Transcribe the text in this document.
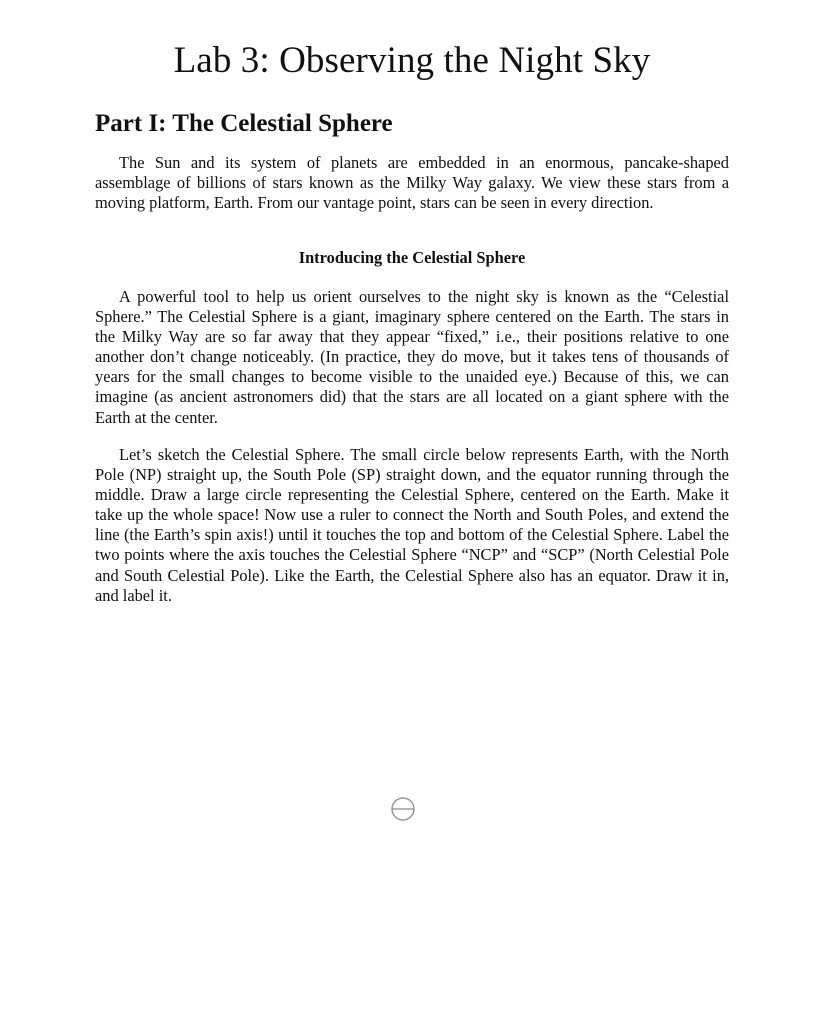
Lab 3: Observing the Night Sky
Part I: The Celestial Sphere

The Sun and its system of planets are embedded in an enormous, pancake-shaped assemblage of billions of stars known as the Milky Way galaxy. We view these stars from a moving platform, Earth. From our vantage point, stars can be seen in every direction.

Introducing the Celestial Sphere

A powerful tool to help us orient ourselves to the night sky is known as the “Celestial Sphere.” The Celestial Sphere is a giant, imaginary sphere centered on the Earth. The stars in the Milky Way are so far away that they appear “fixed,” i.e., their positions relative to one another don’t change noticeably. (In practice, they do move, but it takes tens of thousands of years for the small changes to become visible to the unaided eye.) Because of this, we can imagine (as ancient astronomers did) that the stars are all located on a giant sphere with the Earth at the center.

Let’s sketch the Celestial Sphere. The small circle below represents Earth, with the North Pole (NP) straight up, the South Pole (SP) straight down, and the equator running through the middle. Draw a large circle representing the Celestial Sphere, centered on the Earth. Make it take up the whole space! Now use a ruler to connect the North and South Poles, and extend the line (the Earth’s spin axis!) until it touches the top and bottom of the Celestial Sphere. Label the two points where the axis touches the Celestial Sphere “NCP” and “SCP” (North Celestial Pole and South Celestial Pole). Like the Earth, the Celestial Sphere also has an equator. Draw it in, and label it.
